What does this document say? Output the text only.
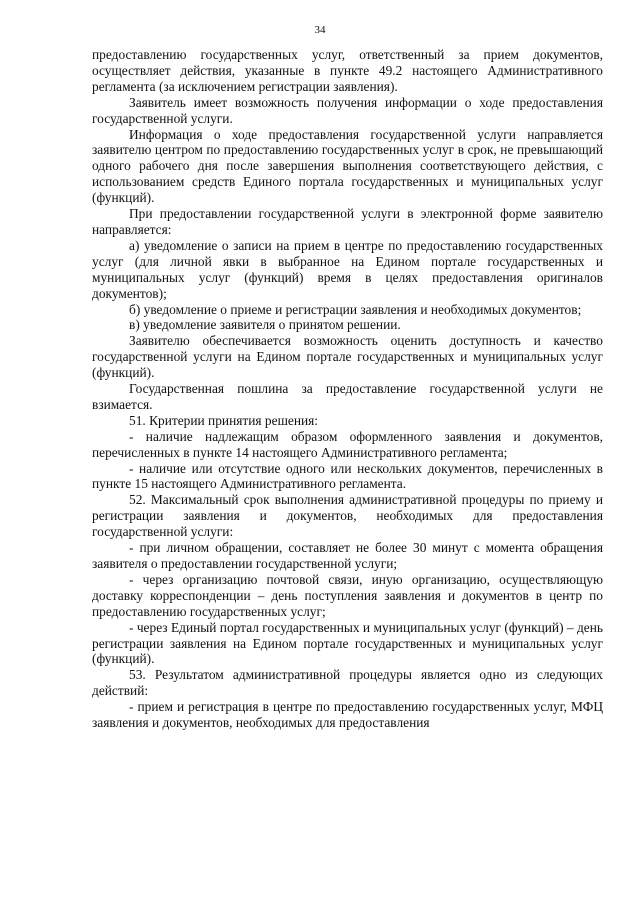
34

предоставлению государственных услуг, ответственный за прием документов, осуществляет действия, указанные в пункте 49.2 настоящего Административного регламента (за исключением регистрации заявления).

Заявитель имеет возможность получения информации о ходе предоставления государственной услуги.

Информация о ходе предоставления государственной услуги направляется заявителю центром по предоставлению государственных услуг в срок, не превышающий одного рабочего дня после завершения выполнения соответствующего действия, с использованием средств Единого портала государственных и муниципальных услуг (функций).

При предоставлении государственной услуги в электронной форме заявителю направляется:

а) уведомление о записи на прием в центре по предоставлению государственных услуг (для личной явки в выбранное на Едином портале государственных и муниципальных услуг (функций) время в целях предоставления оригиналов документов);

б) уведомление о приеме и регистрации заявления и необходимых документов;

в) уведомление заявителя о принятом решении.

Заявителю обеспечивается возможность оценить доступность и качество государственной услуги на Едином портале государственных и муниципальных услуг (функций).

Государственная пошлина за предоставление государственной услуги не взимается.

51. Критерии принятия решения:

- наличие надлежащим образом оформленного заявления и документов, перечисленных в пункте 14 настоящего Административного регламента;

- наличие или отсутствие одного или нескольких документов, перечисленных в пункте 15 настоящего Административного регламента.

52. Максимальный срок выполнения административной процедуры по приему и регистрации заявления и документов, необходимых для предоставления государственной услуги:

- при личном обращении, составляет не более 30 минут с момента обращения заявителя о предоставлении государственной услуги;

- через организацию почтовой связи, иную организацию, осуществляющую доставку корреспонденции – день поступления заявления и документов в центр по предоставлению государственных услуг;

- через Единый портал государственных и муниципальных услуг (функций) – день регистрации заявления на Едином портале государственных и муниципальных услуг (функций).

53. Результатом административной процедуры является одно из следующих действий:

- прием и регистрация в центре по предоставлению государственных услуг, МФЦ заявления и документов, необходимых для предоставления
